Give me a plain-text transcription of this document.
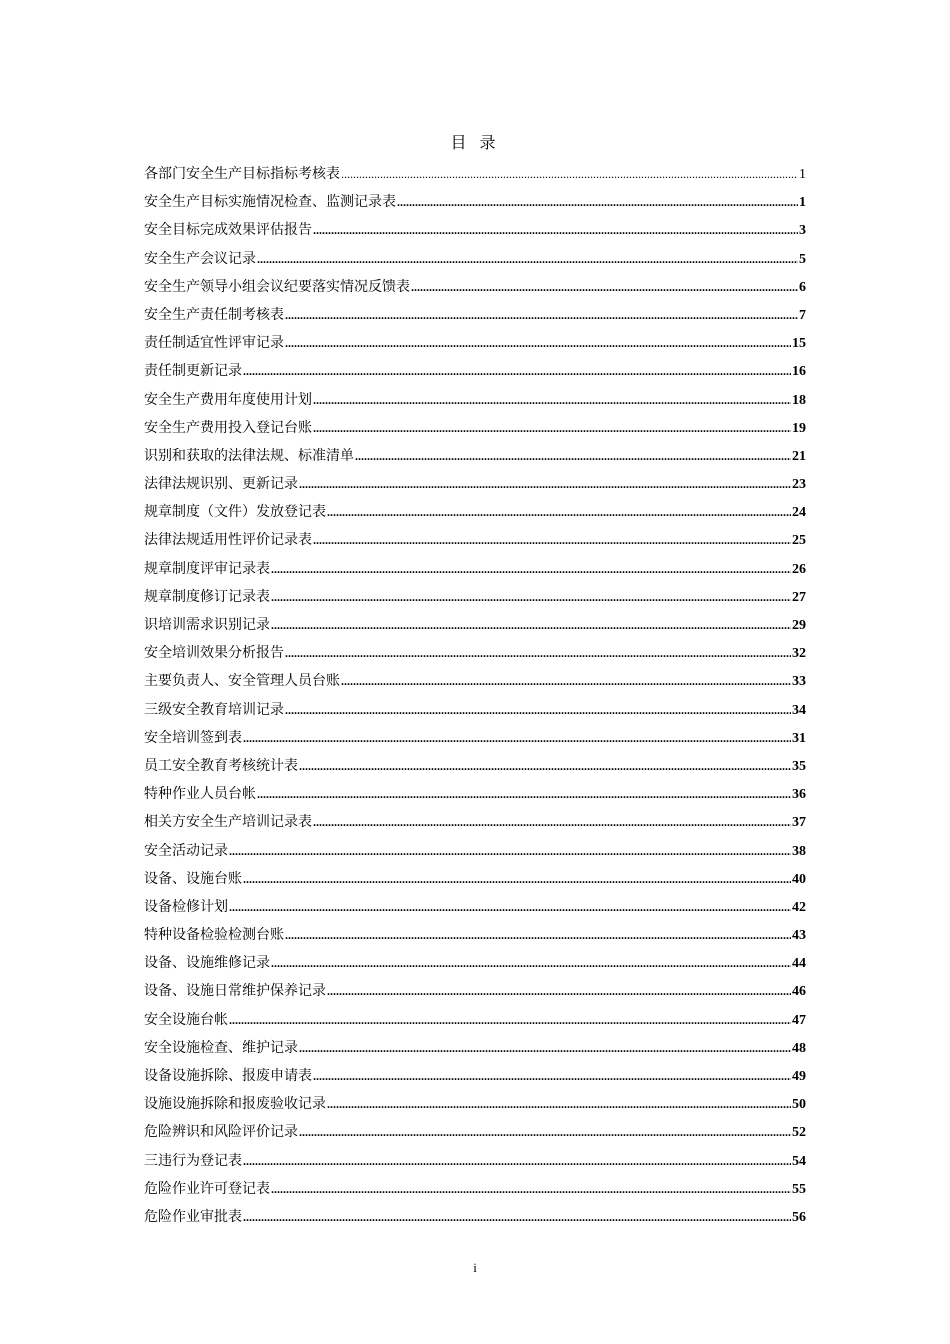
目 录
各部门安全生产目标指标考核表 .....	1
安全生产目标实施情况检查、监测记录表 .....	1
安全目标完成效果评估报告 .....	3
安全生产会议记录 .....	5
安全生产领导小组会议纪要落实情况反馈表 .....	6
安全生产责任制考核表 .....	7
责任制适宜性评审记录 .....	15
责任制更新记录 .....	16
安全生产费用年度使用计划 .....	18
安全生产费用投入登记台账 .....	19
识别和获取的法律法规、标准清单 .....	21
法律法规识别、更新记录 .....	23
规章制度（文件）发放登记表 .....	24
法律法规适用性评价记录表 .....	25
规章制度评审记录表 .....	26
规章制度修订记录表 .....	27
识培训需求识别记录 .....	29
安全培训效果分析报告 .....	32
主要负责人、安全管理人员台账 .....	33
三级安全教育培训记录 .....	34
安全培训签到表 .....	31
员工安全教育考核统计表 .....	35
特种作业人员台帐 .....	36
相关方安全生产培训记录表 .....	37
安全活动记录 .....	38
设备、设施台账 .....	40
设备检修计划 .....	42
特种设备检验检测台账 .....	43
设备、设施维修记录 .....	44
设备、设施日常维护保养记录 .....	46
安全设施台帐 .....	47
安全设施检查、维护记录 .....	48
设备设施拆除、报废申请表 .....	49
设施设施拆除和报废验收记录 .....	50
危险辨识和风险评价记录 .....	52
三违行为登记表 .....	54
危险作业许可登记表 .....	55
危险作业审批表 .....	56
i
